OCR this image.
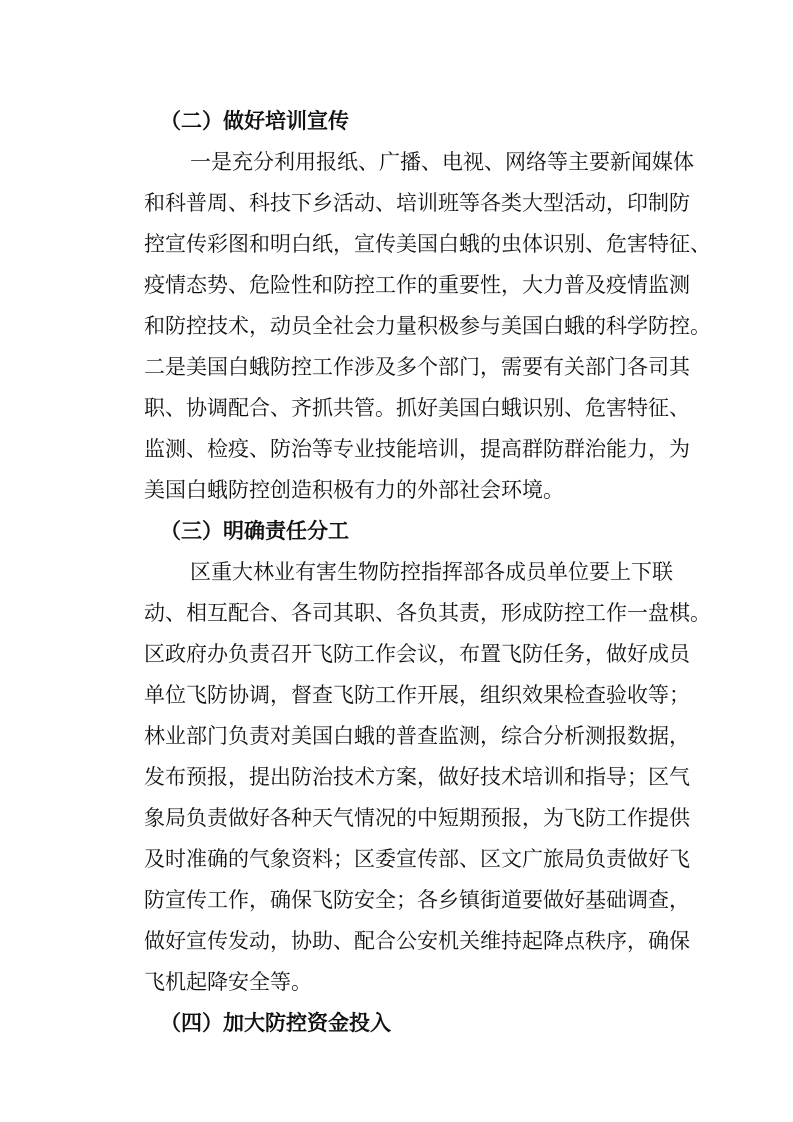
（二）做好培训宣传
一是充分利用报纸、广播、电视、网络等主要新闻媒体
和科普周、科技下乡活动、培训班等各类大型活动，印制防
控宣传彩图和明白纸，宣传美国白蛾的虫体识别、危害特征、
疫情态势、危险性和防控工作的重要性，大力普及疫情监测
和防控技术，动员全社会力量积极参与美国白蛾的科学防控。
二是美国白蛾防控工作涉及多个部门，需要有关部门各司其
职、协调配合、齐抓共管。抓好美国白蛾识别、危害特征、
监测、检疫、防治等专业技能培训，提高群防群治能力，为
美国白蛾防控创造积极有力的外部社会环境。
（三）明确责任分工
区重大林业有害生物防控指挥部各成员单位要上下联
动、相互配合、各司其职、各负其责，形成防控工作一盘棋。
区政府办负责召开飞防工作会议，布置飞防任务，做好成员
单位飞防协调，督查飞防工作开展，组织效果检查验收等；
林业部门负责对美国白蛾的普查监测，综合分析测报数据，
发布预报，提出防治技术方案，做好技术培训和指导；区气
象局负责做好各种天气情况的中短期预报，为飞防工作提供
及时准确的气象资料；区委宣传部、区文广旅局负责做好飞
防宣传工作，确保飞防安全；各乡镇街道要做好基础调查，
做好宣传发动，协助、配合公安机关维持起降点秩序，确保
飞机起降安全等。
（四）加大防控资金投入
